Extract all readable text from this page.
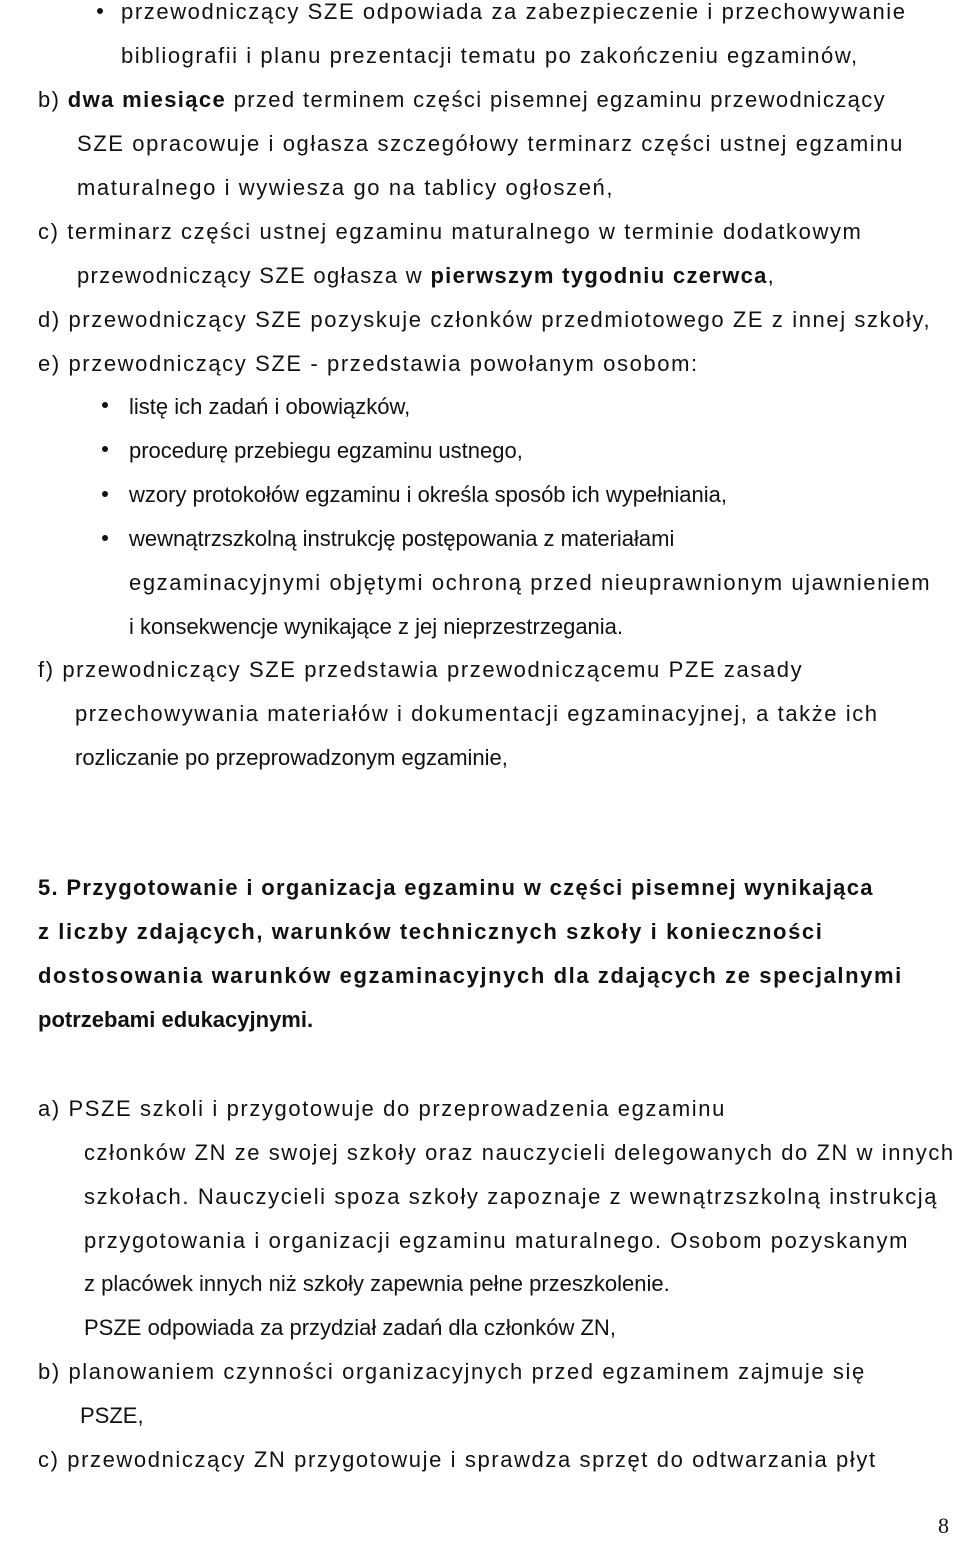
przewodniczący SZE odpowiada za zabezpieczenie i przechowywanie
bibliografii i planu prezentacji tematu po zakończeniu egzaminów,
b) dwa miesiące przed terminem części pisemnej egzaminu przewodniczący
SZE opracowuje i ogłasza szczegółowy terminarz części ustnej egzaminu
maturalnego i wywiesza go na tablicy ogłoszeń,
c) terminarz części ustnej egzaminu maturalnego w terminie dodatkowym
przewodniczący SZE ogłasza w pierwszym tygodniu czerwca,
d) przewodniczący SZE pozyskuje członków przedmiotowego ZE z innej szkoły,
e) przewodniczący SZE - przedstawia powołanym osobom:
listę ich zadań i obowiązków,
procedurę przebiegu egzaminu ustnego,
wzory protokołów egzaminu i określa sposób ich wypełniania,
wewnątrzszkolną instrukcję postępowania z materiałami
egzaminacyjnymi objętymi ochroną przed nieuprawnionym ujawnieniem
i konsekwencje wynikające z jej nieprzestrzegania.
f) przewodniczący SZE przedstawia przewodniczącemu PZE zasady
przechowywania materiałów i dokumentacji egzaminacyjnej, a także ich
rozliczanie po przeprowadzonym egzaminie,
5. Przygotowanie i organizacja egzaminu w części pisemnej wynikająca
z liczby zdających, warunków technicznych szkoły i konieczności
dostosowania warunków egzaminacyjnych dla zdających ze specjalnymi
potrzebami edukacyjnymi.
a) PSZE szkoli i przygotowuje do przeprowadzenia egzaminu
członków ZN ze swojej szkoły oraz nauczycieli delegowanych do ZN w innych
szkołach. Nauczycieli spoza szkoły zapoznaje z wewnątrzszkolną instrukcją
przygotowania i organizacji egzaminu maturalnego. Osobom pozyskanym
z placówek innych niż szkoły zapewnia pełne przeszkolenie.
PSZE odpowiada za przydział zadań dla członków ZN,
b) planowaniem czynności organizacyjnych przed egzaminem zajmuje się
PSZE,
c) przewodniczący ZN przygotowuje i sprawdza sprzęt do odtwarzania płyt
8
